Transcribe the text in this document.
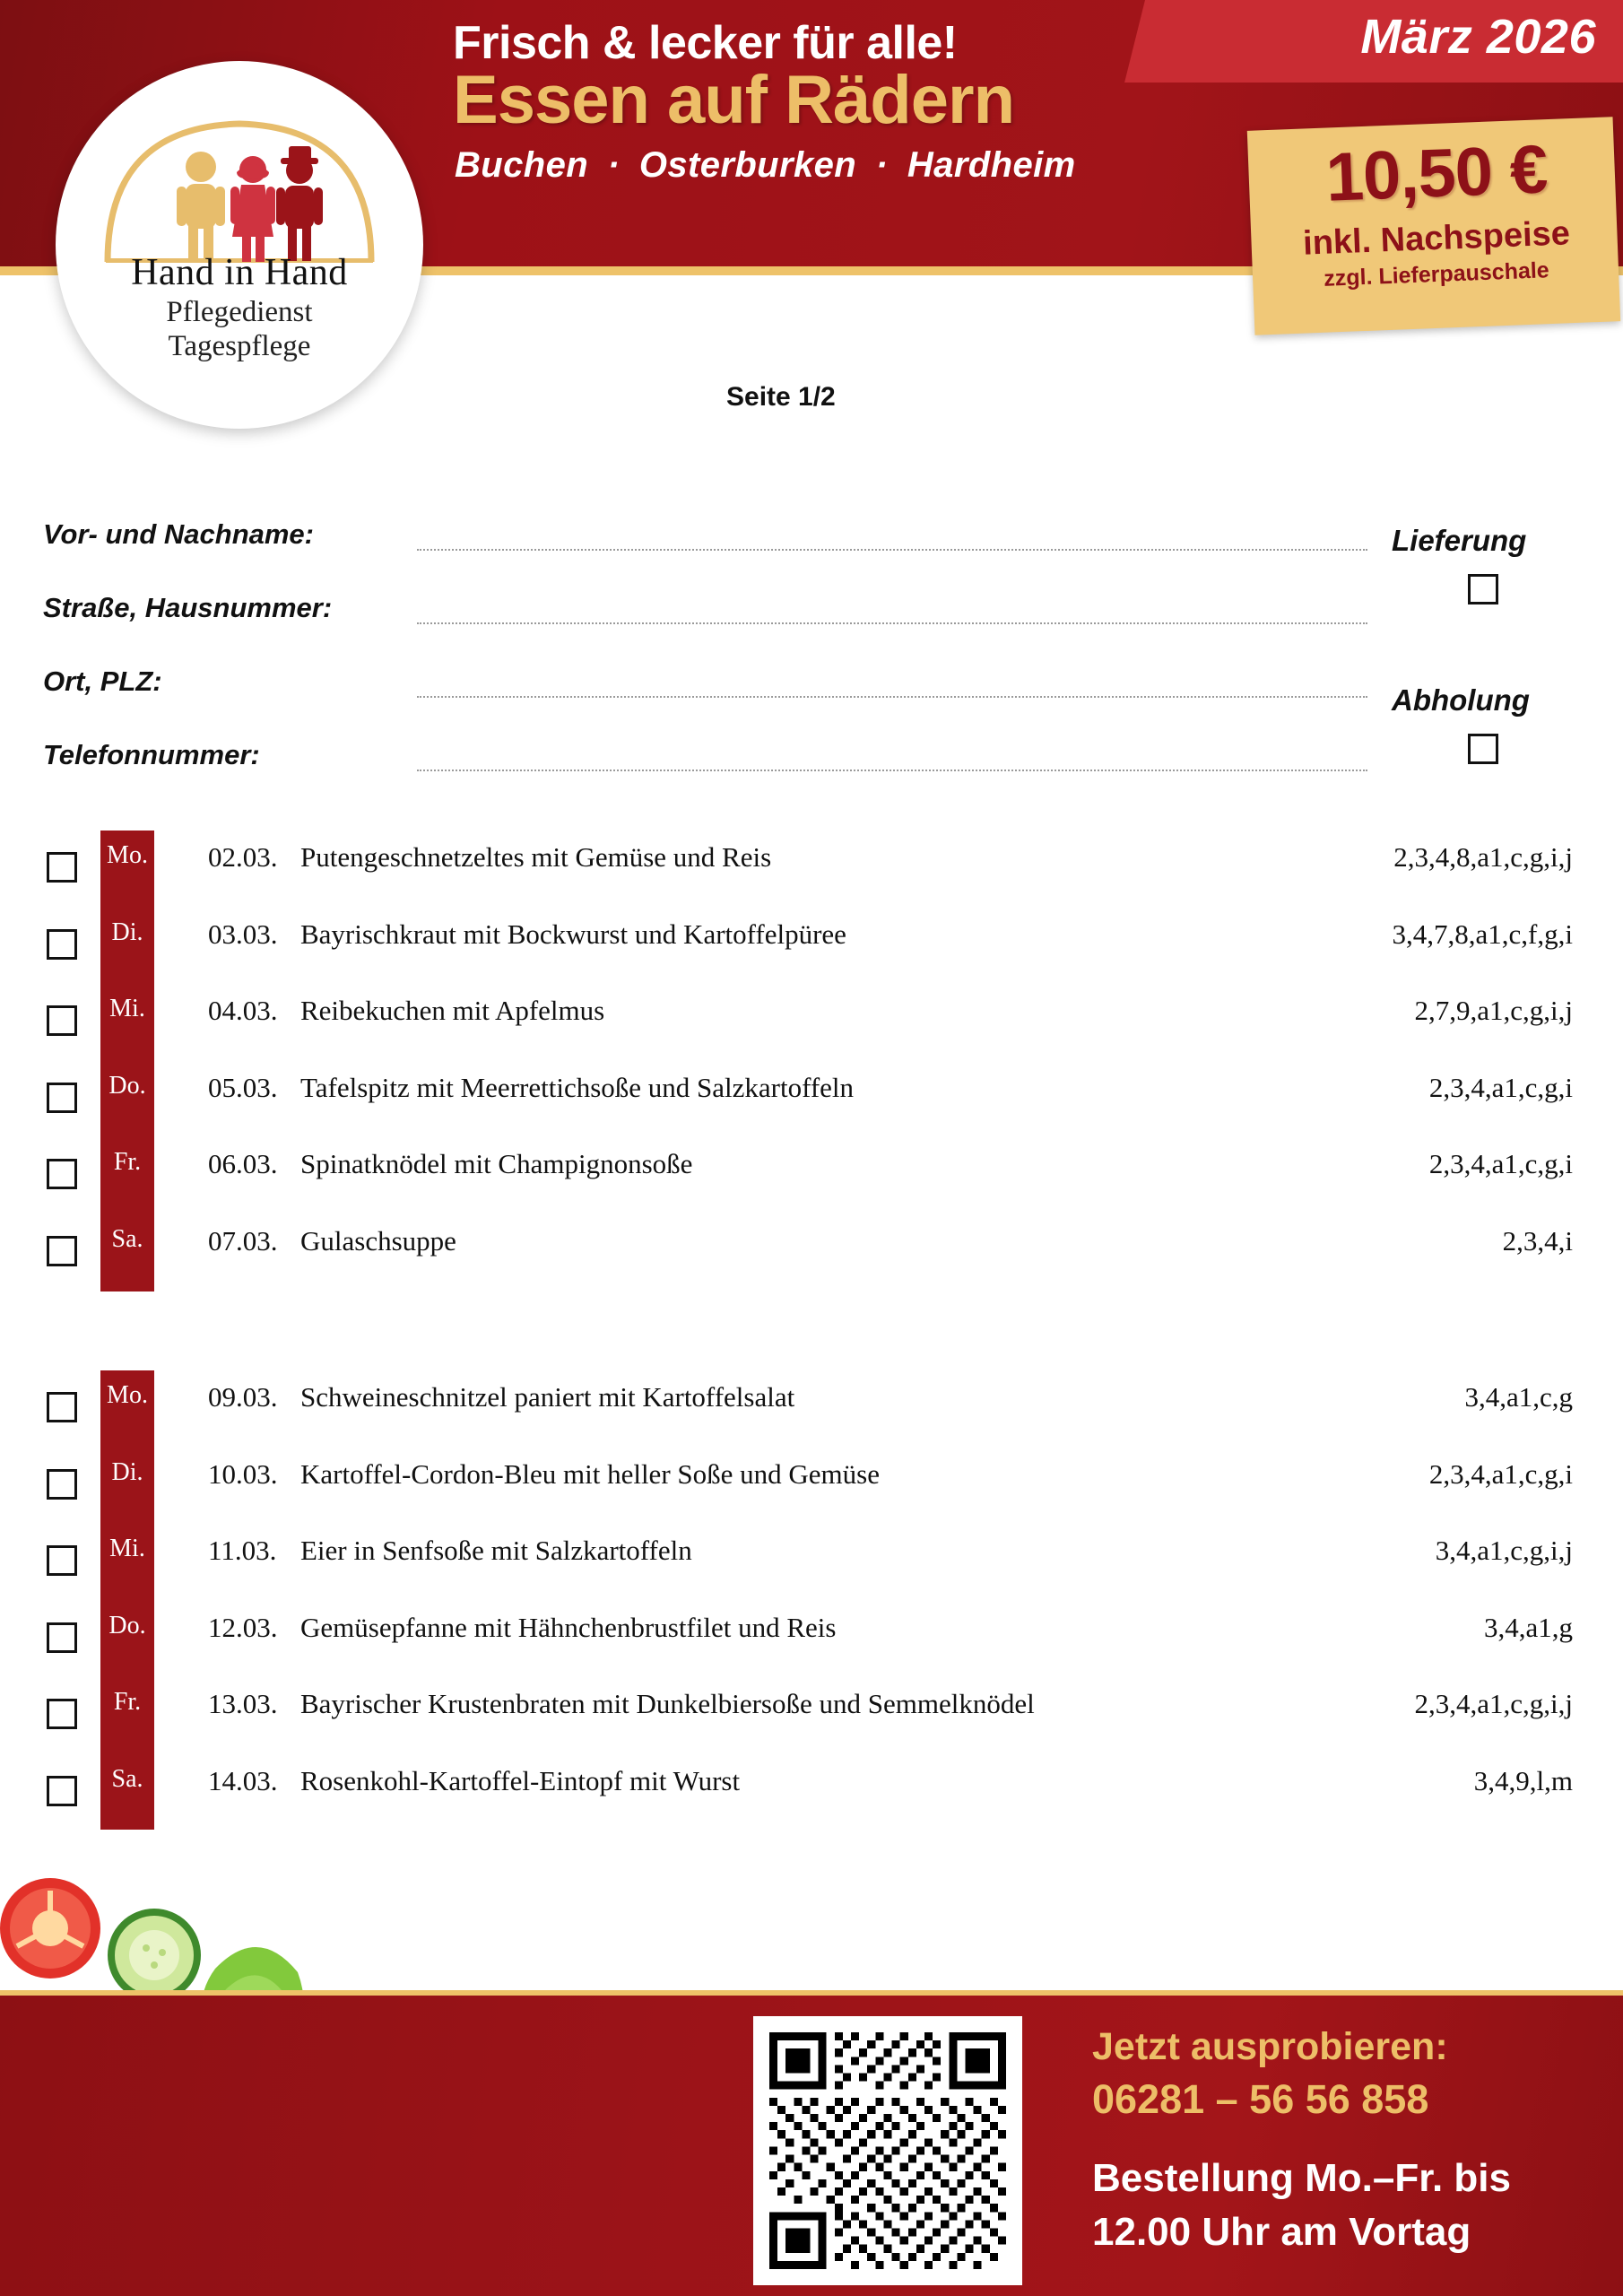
März 2026
Frisch & lecker für alle!
Essen auf Rädern
Buchen · Osterburken · Hardheim	10,50 €
inkl. Nachspeise
zzgl. Lieferpauschale
Hand in Hand
Pflegedienst
Tagespflege
Seite 1/2
Vor- und Nachname:
Straße, Hausnummer:
Ort, PLZ:
Telefonnummer:
Lieferung
Abholung
Mo. 02.03. Putengeschnetzeltes mit Gemüse und Reis	2,3,4,8,a1,c,g,i,j
Di.	03.03. Bayrischkraut mit Bockwurst und Kartoffelpüree	3,4,7,8,a1,c,f,g,i
Mi.	04.03. Reibekuchen mit Apfelmus	2,7,9,a1,c,g,i,j
Do.	05.03. Tafelspitz mit Meerrettichsoße und Salzkartoffeln	2,3,4,a1,c,g,i
Fr.	06.03. Spinatknödel mit Champignonsoße	2,3,4,a1,c,g,i
Sa.	07.03. Gulaschsuppe	2,3,4,i
Mo. 09.03. Schweineschnitzel paniert mit Kartoffelsalat	3,4,a1,c,g
Di.	10.03. Kartoffel-Cordon-Bleu mit heller Soße und Gemüse	2,3,4,a1,c,g,i
Mi.	11.03. Eier in Senfsoße mit Salzkartoffeln	3,4,a1,c,g,i,j
Do.	12.03. Gemüsepfanne mit Hähnchenbrustfilet und Reis	3,4,a1,g
Fr.	13.03. Bayrischer Krustenbraten mit Dunkelbiersoße und Semmelknödel	2,3,4,a1,c,g,i,j
Sa.	14.03. Rosenkohl-Kartoffel-Eintopf mit Wurst	3,4,9,l,m
Jetzt ausprobieren:
06281 – 56 56 858
Bestellung Mo.–Fr. bis
12.00 Uhr am Vortag
